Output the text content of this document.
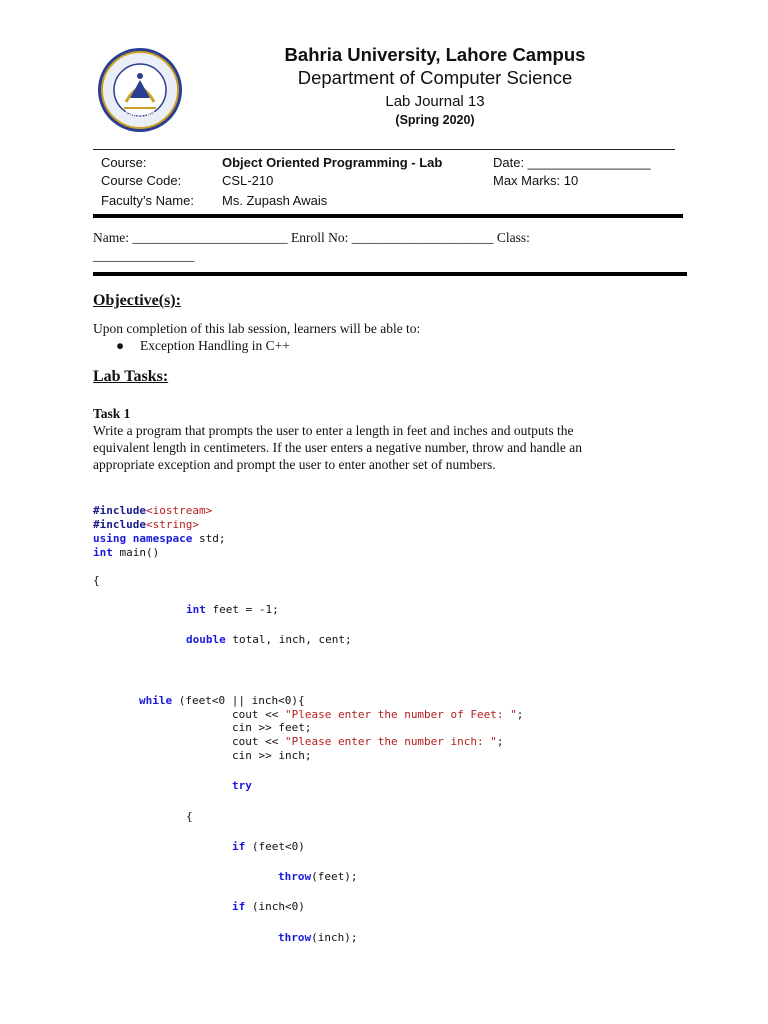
PAKISTAN
Bahria University, Lahore Campus
Department of Computer Science
Lab Journal 13
(Spring 2020)
Course:	Object Oriented Programming - Lab	Date: _________________
Course Code:	CSL-210	Max Marks: 10
Faculty’s Name: Ms. Zupash Awais
Name: _______________________ Enroll No: _____________________ Class:
_______________
Objective(s):
Upon completion of this lab session, learners will be able to:
● Exception Handling in C++
Lab Tasks:
Task 1
Write a program that prompts the user to enter a length in feet and inches and outputs the
equivalent length in centimeters. If the user enters a negative number, throw and handle an
appropriate exception and prompt the user to enter another set of numbers.
#include<iostream>
#include<string>
using namespace std;
int main()
{
int feet = -1;
double total, inch, cent;
while (feet<0 || inch<0){
cout << "Please enter the number of Feet: ";
cin >> feet;
cout << "Please enter the number inch: ";
cin >> inch;
try
{
if (feet<0)
throw(feet);
if (inch<0)
throw(inch);
